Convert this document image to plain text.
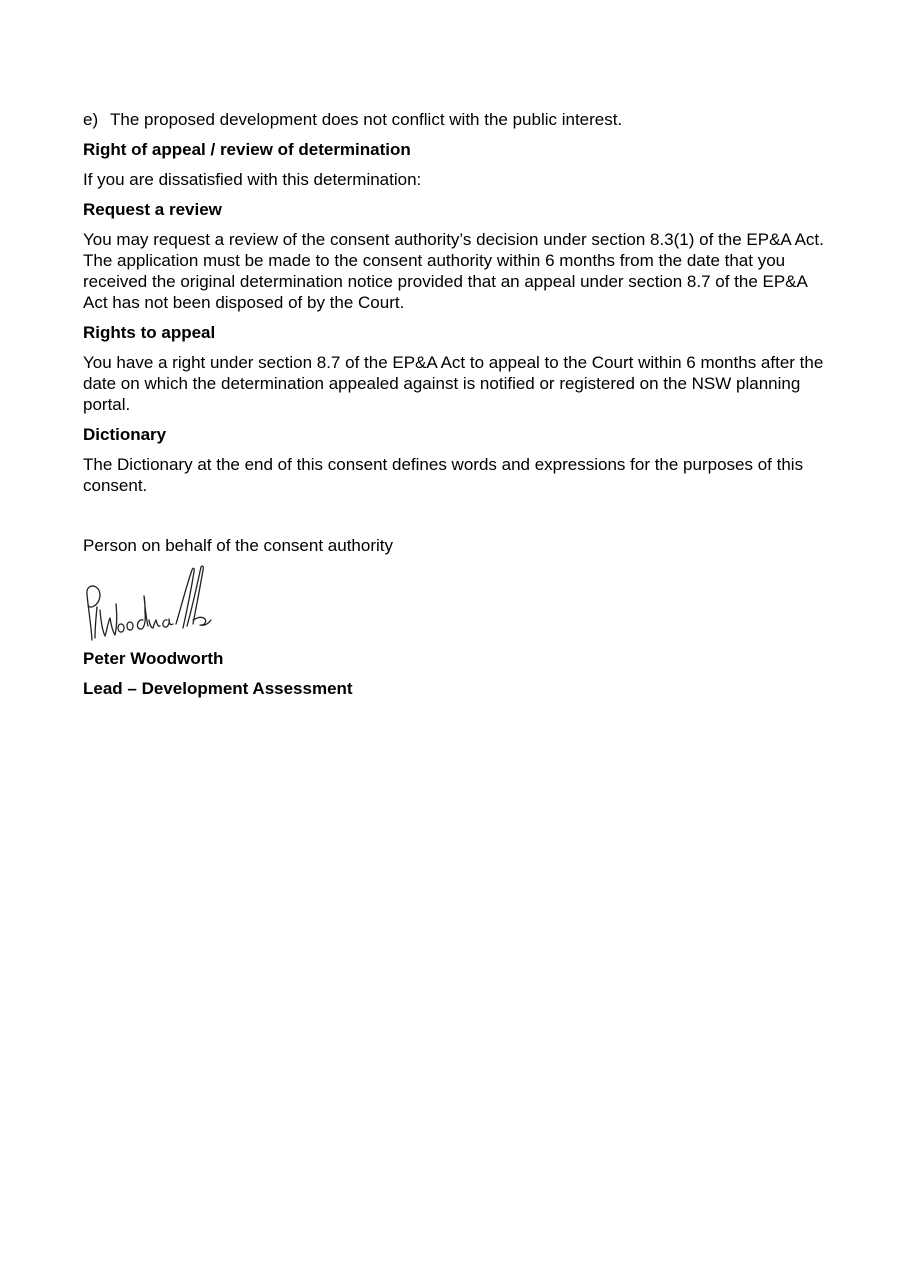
e) The proposed development does not conflict with the public interest.

Right of appeal / review of determination

If you are dissatisfied with this determination:

Request a review

You may request a review of the consent authority’s decision under section 8.3(1) of the EP&A Act. The application must be made to the consent authority within 6 months from the date that you received the original determination notice provided that an appeal under section 8.7 of the EP&A Act has not been disposed of by the Court.

Rights to appeal

You have a right under section 8.7 of the EP&A Act to appeal to the Court within 6 months after the date on which the determination appealed against is notified or registered on the NSW planning portal.

Dictionary

The Dictionary at the end of this consent defines words and expressions for the purposes of this consent.

Person on behalf of the consent authority

Peter Woodworth

Lead – Development Assessment
